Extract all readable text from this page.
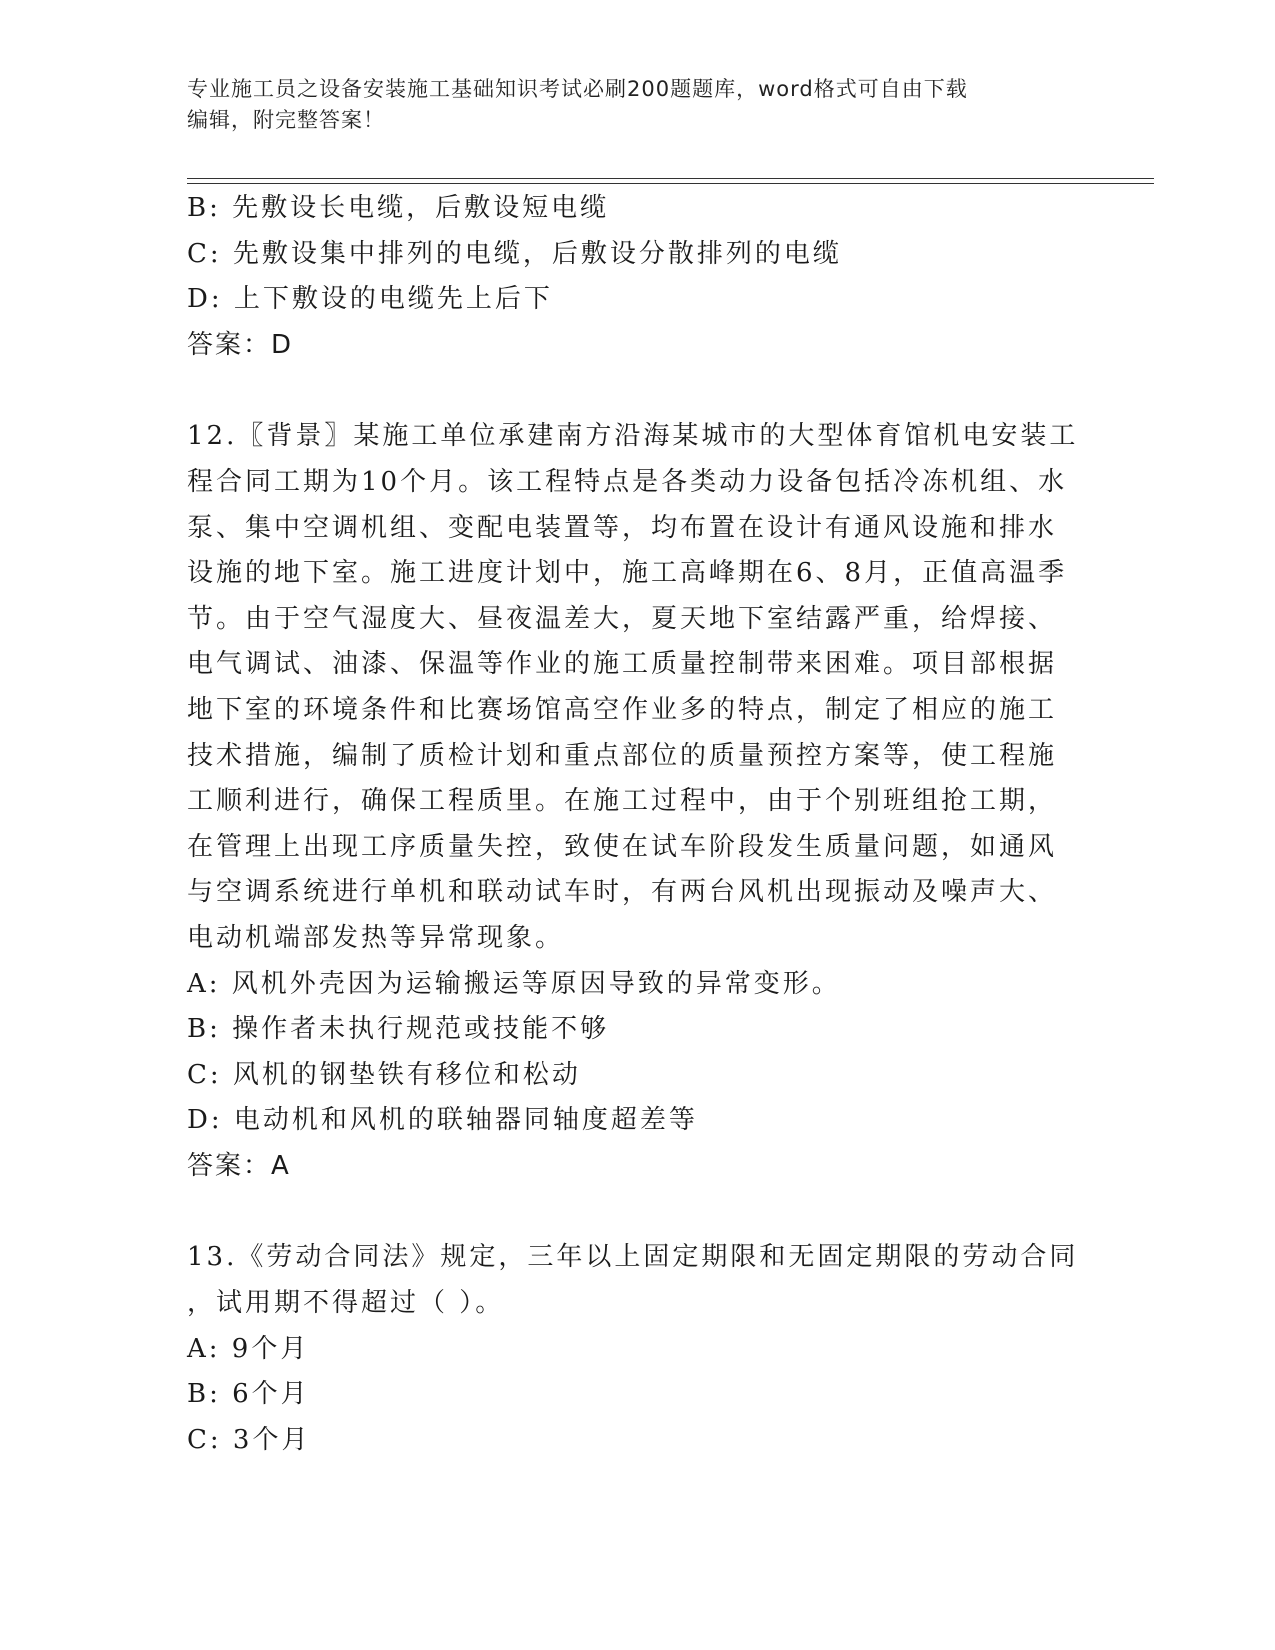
专业施工员之设备安装施工基础知识考试必刷200题题库，word格式可自由下载
编辑，附完整答案！
B: 先敷设长电缆，后敷设短电缆
C: 先敷设集中排列的电缆，后敷设分散排列的电缆
D: 上下敷设的电缆先上后下
答案：D
12.〖背景〗某施工单位承建南方沿海某城市的大型体育馆机电安装工
程合同工期为10个月。该工程特点是各类动力设备包括冷冻机组、水
泵、集中空调机组、变配电装置等，均布置在设计有通风设施和排水
设施的地下室。施工进度计划中，施工高峰期在6、8月，正值高温季
节。由于空气湿度大、昼夜温差大，夏天地下室结露严重，给焊接、
电气调试、油漆、保温等作业的施工质量控制带来困难。项目部根据
地下室的环境条件和比赛场馆高空作业多的特点，制定了相应的施工
技术措施，编制了质检计划和重点部位的质量预控方案等，使工程施
工顺利进行，确保工程质里。在施工过程中，由于个别班组抢工期，
在管理上出现工序质量失控，致使在试车阶段发生质量问题，如通风
与空调系统进行单机和联动试车时，有两台风机出现振动及噪声大、
电动机端部发热等异常现象。
A: 风机外壳因为运输搬运等原因导致的异常变形。
B: 操作者未执行规范或技能不够
C: 风机的钢垫铁有移位和松动
D: 电动机和风机的联轴器同轴度超差等
答案：A
13.《劳动合同法》规定，三年以上固定期限和无固定期限的劳动合同
，试用期不得超过（ ）。
A: 9个月
B: 6个月
C: 3个月
